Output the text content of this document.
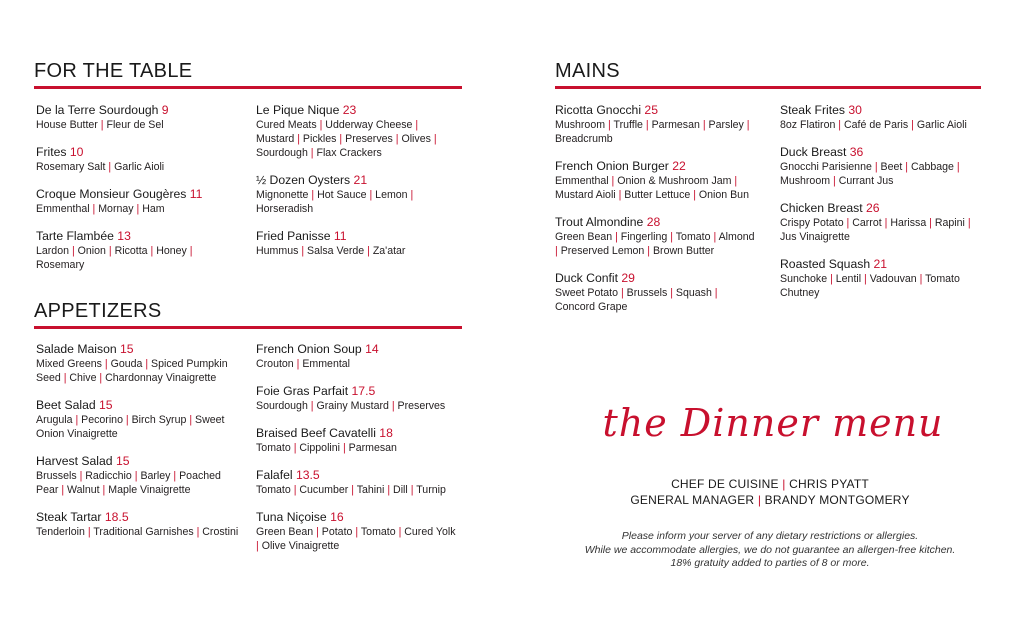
FOR THE TABLE
De la Terre Sourdough 9
House Butter | Fleur de Sel
Frites 10
Rosemary Salt | Garlic Aioli
Croque Monsieur Gougères 11
Emmenthal | Mornay | Ham
Tarte Flambée 13
Lardon | Onion | Ricotta | Honey | Rosemary
Le Pique Nique 23
Cured Meats | Udderway Cheese | Mustard | Pickles | Preserves | Olives | Sourdough | Flax Crackers
½ Dozen Oysters 21
Mignonette | Hot Sauce | Lemon | Horseradish
Fried Panisse 11
Hummus | Salsa Verde | Za'atar
APPETIZERS
Salade Maison 15
Mixed Greens | Gouda | Spiced Pumpkin Seed | Chive | Chardonnay Vinaigrette
Beet Salad 15
Arugula | Pecorino | Birch Syrup | Sweet Onion Vinaigrette
Harvest Salad 15
Brussels | Radicchio | Barley | Poached Pear | Walnut | Maple Vinaigrette
Steak Tartar 18.5
Tenderloin | Traditional Garnishes | Crostini
French Onion Soup 14
Crouton | Emmental
Foie Gras Parfait 17.5
Sourdough | Grainy Mustard | Preserves
Braised Beef Cavatelli 18
Tomato | Cippolini | Parmesan
Falafel 13.5
Tomato | Cucumber | Tahini | Dill | Turnip
Tuna Niçoise 16
Green Bean | Potato | Tomato | Cured Yolk | Olive Vinaigrette
MAINS
Ricotta Gnocchi 25
Mushroom | Truffle | Parmesan | Parsley | Breadcrumb
French Onion Burger 22
Emmenthal | Onion & Mushroom Jam | Mustard Aioli | Butter Lettuce | Onion Bun
Trout Almondine 28
Green Bean | Fingerling | Tomato | Almond | Preserved Lemon | Brown Butter
Duck Confit 29
Sweet Potato | Brussels | Squash | Concord Grape
Steak Frites 30
8oz Flatiron | Café de Paris | Garlic Aioli
Duck Breast 36
Gnocchi Parisienne | Beet | Cabbage | Mushroom | Currant Jus
Chicken Breast 26
Crispy Potato | Carrot | Harissa | Rapini | Jus Vinaigrette
Roasted Squash 21
Sunchoke | Lentil | Vadouvan | Tomato Chutney
the Dinner menu
CHEF DE CUISINE | CHRIS PYATT
GENERAL MANAGER | BRANDY MONTGOMERY
Please inform your server of any dietary restrictions or allergies.
While we accommodate allergies, we do not guarantee an allergen-free kitchen.
18% gratuity added to parties of 8 or more.
